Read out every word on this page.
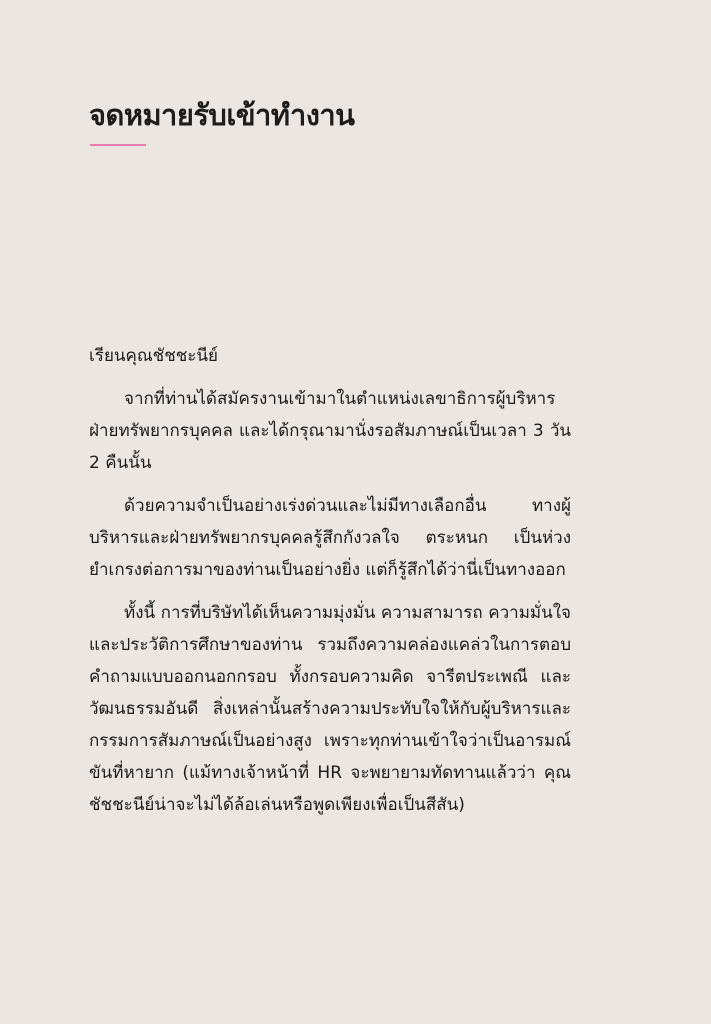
จดหมายรับเข้าทำงาน

เรียนคุณชัชชะนีย์

จากที่ท่านได้สมัครงานเข้ามาในตำแหน่งเลขาธิการผู้บริหารฝ่ายทรัพยากรบุคคล และได้กรุณามานั่งรอสัมภาษณ์เป็นเวลา 3 วัน 2 คืนนั้น

ด้วยความจำเป็นอย่างเร่งด่วนและไม่มีทางเลือกอื่น ทางผู้บริหารและฝ่ายทรัพยากรบุคคลรู้สึกกังวลใจ ตระหนก เป็นห่วง ยำเกรงต่อการมาของท่านเป็นอย่างยิ่ง แต่ก็รู้สึกได้ว่านี่เป็นทางออก

ทั้งนี้ การที่บริษัทได้เห็นความมุ่งมั่น ความสามารถ ความมั่นใจ และประวัติการศึกษาของท่าน รวมถึงความคล่องแคล่วในการตอบคำถามแบบออกนอกกรอบ ทั้งกรอบความคิด จารีตประเพณี และวัฒนธรรมอันดี สิ่งเหล่านั้นสร้างความประทับใจให้กับผู้บริหารและกรรมการสัมภาษณ์เป็นอย่างสูง เพราะทุกท่านเข้าใจว่าเป็นอารมณ์ขันที่หายาก (แม้ทางเจ้าหน้าที่ HR จะพยายามทัดทานแล้วว่า คุณชัชชะนีย์น่าจะไม่ได้ล้อเล่นหรือพูดเพียงเพื่อเป็นสีสัน)
